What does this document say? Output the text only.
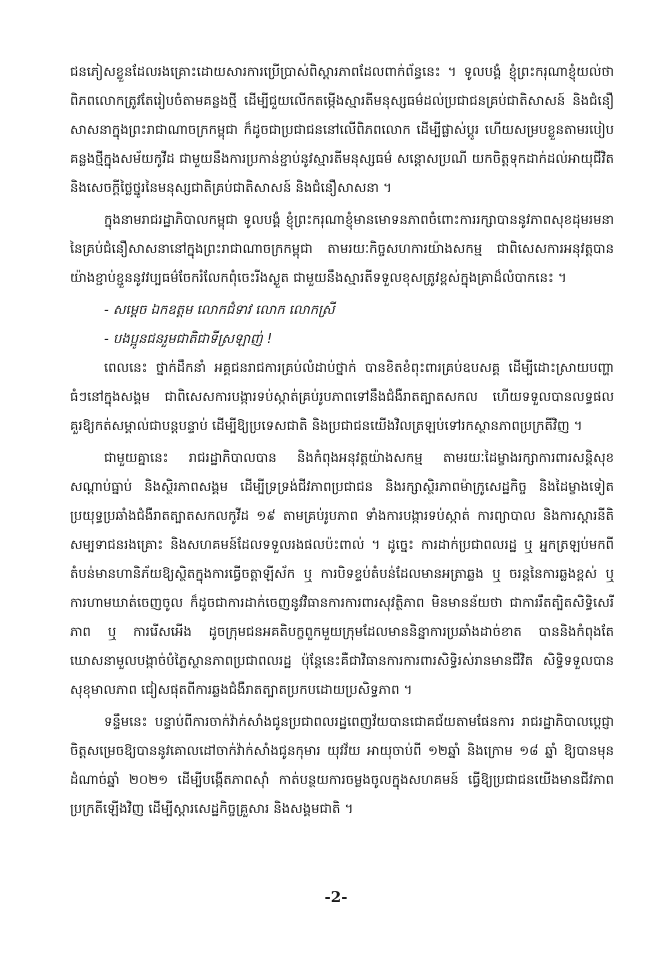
ជនភៀសខ្លួនដែលរងគ្រោះដោយសារការប្រើប្រាស់ពិស្ដារភាពដែលពាក់ព័ន្ធនេះ ។ ទូលបង្គំ ខ្ញុំព្រះករុណាខ្ញុំយល់ថា ពិភពលោកត្រូវតែរៀបចំតាមគន្លងថ្មី ដើម្បីជួយលើកតម្កើងស្មារតីមនុស្សធម៌ដល់ប្រជាជនគ្រប់ជាតិសាសន៍ និងជំនឿសាសនាក្នុងព្រះរាជាណាចក្រកម្ពុជា ក៏ដូចជាប្រជាជននៅលើពិភពលោក ដើម្បីផ្លាស់ប្ដូរ ហើយសម្របខ្លួនតាមរបៀបគន្លងថ្មីក្នុងសម័យកូវីដ ជាមួយនឹងការប្រកាន់ខ្ជាប់នូវស្មារតីមនុស្សធម៌ សន្ដោសប្រណី យកចិត្តទុកដាក់ដល់អាយុជីវិត និងសេចក្ដីថ្លៃថ្នូរនៃមនុស្សជាតិគ្រប់ជាតិសាសន៍ និងជំនឿសាសនា ។

ក្នុងនាមរាជរដ្ឋាភិបាលកម្ពុជា ទូលបង្គំ ខ្ញុំព្រះករុណាខ្ញុំមានមោទនភាពចំពោះការរក្សាបាននូវភាពសុខដុមរមនានៃគ្រប់ជំនឿសាសនានៅក្នុងព្រះរាជាណាចក្រកម្ពុជា តាមរយៈកិច្ចសហការយ៉ាងសកម្ម ជាពិសេសការអនុវត្តបានយ៉ាងខ្ជាប់ខ្ជួននូវវប្បធម៌ចែករំលែកពុំចេះរីងស្ងួត ជាមួយនឹងស្មារតីទទួលខុសត្រូវខ្ពស់ក្នុងគ្រាដ៏លំបាកនេះ ។

- សម្ដេច ឯកឧត្ដម លោកជំទាវ លោក លោកស្រី

- បងប្អូនជនរួមជាតិជាទីស្រឡាញ់ !

ពេលនេះ ថ្នាក់ដឹកនាំ អគ្គជនរាជការគ្រប់លំដាប់ថ្នាក់ បានខិតខំពុះពារគ្រប់ឧបសគ្គ ដើម្បីដោះស្រាយបញ្ហាធំៗនៅក្នុងសង្គម ជាពិសេសការបង្ការទប់ស្កាត់គ្រប់រូបភាពទៅនឹងជំងឺរាតត្បាតសកល ហើយទទួលបានលទ្ធផលគួរឱ្យកត់សម្គាល់ជាបន្តបន្ទាប់ ដើម្បីឱ្យប្រទេសជាតិ និងប្រជាជនយើងវិលត្រឡប់ទៅរកស្ថានភាពប្រក្រតីវិញ ។

ជាមួយគ្នានេះ រាជរដ្ឋាភិបាលបាន និងកំពុងអនុវត្តយ៉ាងសកម្ម តាមរយៈដៃម្ខាងរក្សាការពារសន្ដិសុខ សណ្ដាប់ធ្នាប់ និងស្ថិរភាពសង្គម ដើម្បីទ្រទ្រង់ជីវភាពប្រជាជន និងរក្សាស្ថិរភាពម៉ាក្រូសេដ្ឋកិច្ច និងដៃម្ខាងទៀត ប្រយុទ្ធប្រឆាំងជំងឺរាតត្បាតសកលកូវីដ ១៩ តាមគ្រប់រូបភាព ទាំងការបង្ការទប់ស្កាត់ ការព្យាបាល និងការស្ដារនីតិសម្បទាជនរងគ្រោះ និងសហគមន៍ដែលទទួលរងផលប៉ះពាល់ ។ ដូច្នេះ ការដាក់ប្រជាពលរដ្ឋ ឬ អ្នកត្រឡប់មកពីតំបន់មានហានិភ័យឱ្យស្ថិតក្នុងការធ្វើចត្ដាឡីស័ក ឬ ការបិទខ្ទប់តំបន់ដែលមានអត្រាឆ្លង ឬ ចរន្តនៃការឆ្លងខ្ពស់ ឬ ការហាមឃាត់ចេញចូល ក៏ដូចជាការដាក់ចេញនូវវិធានការការពារសុវត្ថិភាព មិនមានន័យថា ជាការរឹតត្បិតសិទ្ធិសេរីភាព ឬ ការរើសអើង ដូចក្រុមជនអគតិបក្ខពួកមួយក្រុមដែលមាននិន្នាការប្រឆាំងដាច់ខាត បាននិងកំពុងតែឃោសនាមួលបង្កាច់បំភ្លៃស្ថានភាពប្រជាពលរដ្ឋ ប៉ុន្តែនេះគឺជាវិធានការការពារសិទ្ធិរស់រានមានជីវិត សិទ្ធិទទួលបានសុខុមាលភាព ជៀសផុតពីការឆ្លងជំងឺរាតត្បាតប្រកបដោយប្រសិទ្ធភាព ។

ទន្ទឹមនេះ បន្ទាប់ពីការចាក់វ៉ាក់សាំងជូនប្រជាពលរដ្ឋពេញវ័យបានជោគជ័យតាមផែនការ រាជរដ្ឋាភិបាលប្ដេជ្ញាចិត្តសម្រេចឱ្យបាននូវគោលដៅចាក់វ៉ាក់សាំងជូនកុមារ យុវវ័យ អាយុចាប់ពី ១២ឆ្នាំ និងក្រោម ១៨ ឆ្នាំ ឱ្យបានមុនដំណាច់ឆ្នាំ ២០២១ ដើម្បីបង្កើតភាពស៊ាំ កាត់បន្ថយការចម្លងចូលក្នុងសហគមន៍ ធ្វើឱ្យប្រជាជនយើងមានជីវភាពប្រក្រតីឡើងវិញ ដើម្បីស្ដារសេដ្ឋកិច្ចគ្រួសារ និងសង្គមជាតិ ។

-2-
